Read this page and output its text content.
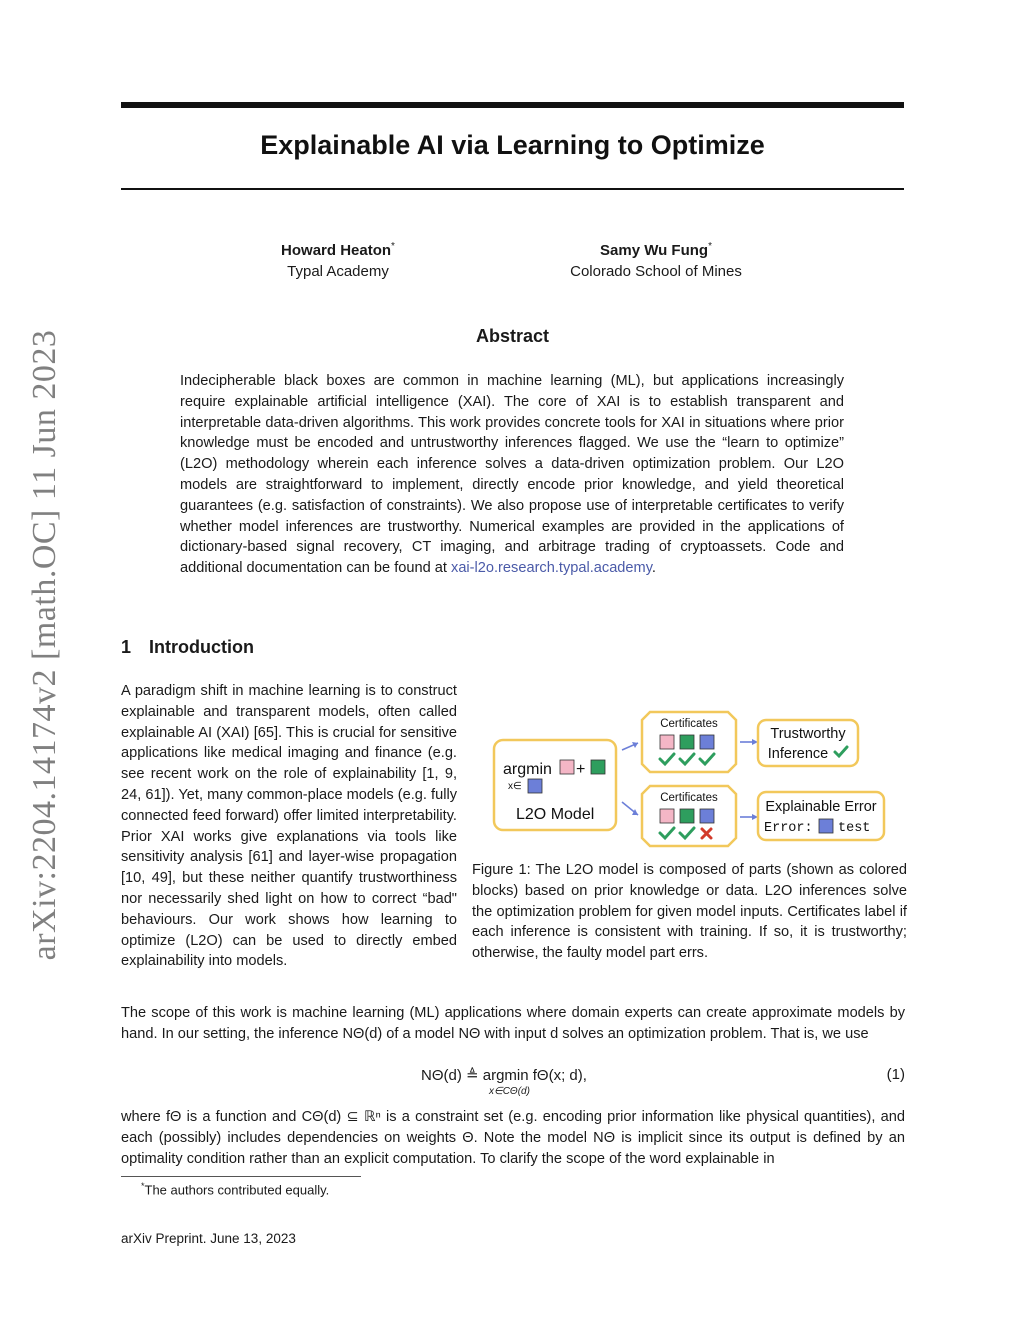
arXiv:2204.14174v2 [math.OC] 11 Jun 2023
Explainable AI via Learning to Optimize
Howard Heaton*
Typal Academy
Samy Wu Fung*
Colorado School of Mines
Abstract
Indecipherable black boxes are common in machine learning (ML), but applications increasingly require explainable artificial intelligence (XAI). The core of XAI is to establish transparent and interpretable data-driven algorithms. This work provides concrete tools for XAI in situations where prior knowledge must be encoded and untrustworthy inferences flagged. We use the “learn to optimize” (L2O) methodology wherein each inference solves a data-driven optimization problem. Our L2O models are straightforward to implement, directly encode prior knowledge, and yield theoretical guarantees (e.g. satisfaction of constraints). We also propose use of interpretable certificates to verify whether model inferences are trustworthy. Numerical examples are provided in the applications of dictionary-based signal recovery, CT imaging, and arbitrage trading of cryptoassets. Code and additional documentation can be found at xai-l2o.research.typal.academy.
1 Introduction
A paradigm shift in machine learning is to construct explainable and transparent models, often called explainable AI (XAI) [65]. This is crucial for sensitive applications like medical imaging and finance (e.g. see recent work on the role of explainability [1, 9, 24, 61]). Yet, many common-place models (e.g. fully connected feed forward) offer limited interpretability. Prior XAI works give explanations via tools like sensitivity analysis [61] and layer-wise propagation [10, 49], but these neither quantify trustworthiness nor necessarily shed light on how to correct “bad" behaviours. Our work shows how learning to optimize (L2O) can be used to directly embed explainability into models.
argmin +
x∈
L2O Model
Certificates
Certificates
Trustworthy
Inference
Explainable Error
Error: test
Figure 1: The L2O model is composed of parts (shown as colored blocks) based on prior knowledge or data. L2O inferences solve the optimization problem for given model inputs. Certificates label if each inference is consistent with training. If so, it is trustworthy; otherwise, the faulty model part errs.
The scope of this work is machine learning (ML) applications where domain experts can create approximate models by hand. In our setting, the inference NΘ(d) of a model NΘ with input d solves an optimization problem. That is, we use
NΘ(d) ≜ argmin fΘ(x; d),
x∈CΘ(d)
(1)
where fΘ is a function and CΘ(d) ⊆ ℝⁿ is a constraint set (e.g. encoding prior information like physical quantities), and each (possibly) includes dependencies on weights Θ. Note the model NΘ is implicit since its output is defined by an optimality condition rather than an explicit computation. To clarify the scope of the word explainable in
*The authors contributed equally.
arXiv Preprint. June 13, 2023
